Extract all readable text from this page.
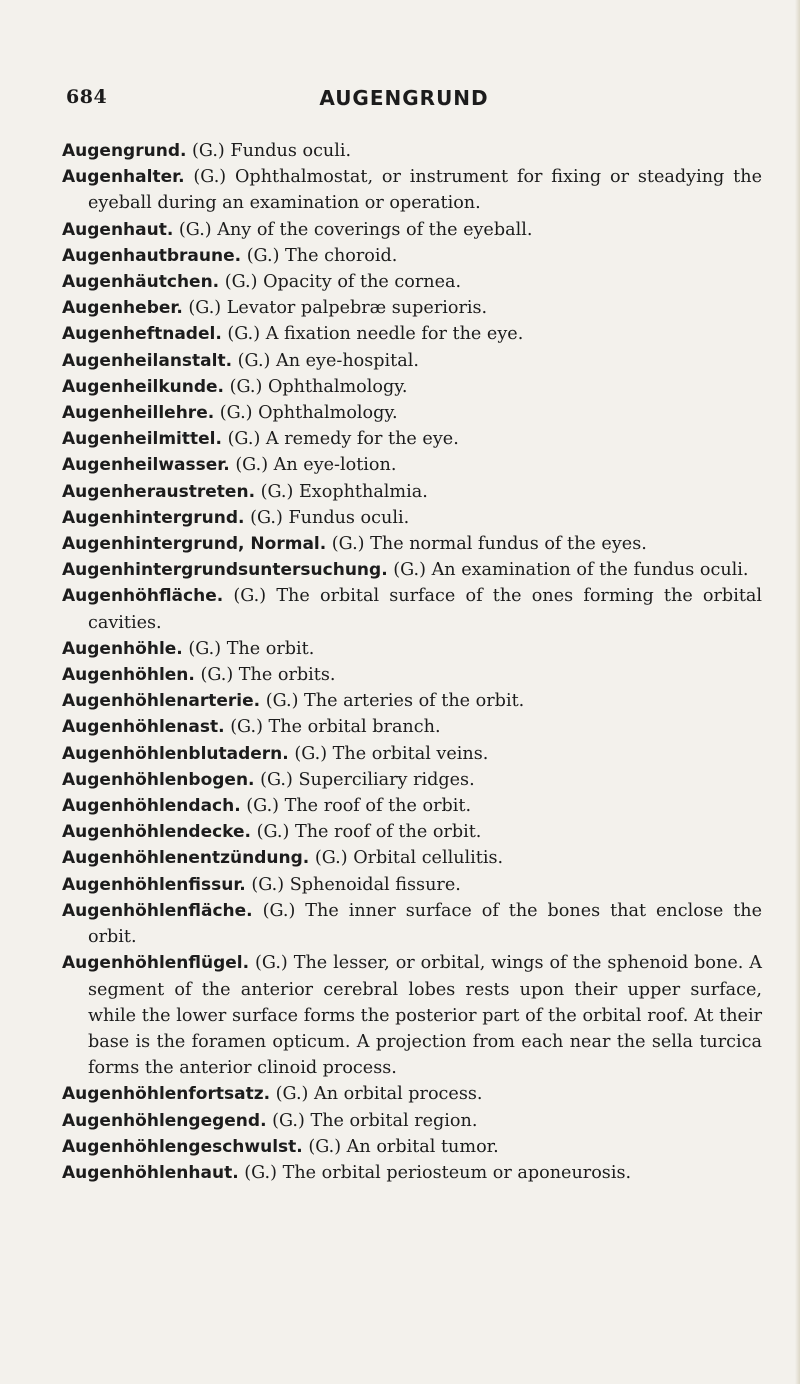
684	AUGENGRUND

Augengrund. (G.) Fundus oculi.

Augenhalter. (G.) Ophthalmostat, or instrument for fixing or steadying the eyeball during an examination or operation.

Augenhaut. (G.) Any of the coverings of the eyeball.

Augenhautbraune. (G.) The choroid.

Augenhäutchen. (G.) Opacity of the cornea.

Augenheber. (G.) Levator palpebræ superioris.

Augenheftnadel. (G.) A fixation needle for the eye.

Augenheilanstalt. (G.) An eye-hospital.

Augenheilkunde. (G.) Ophthalmology.

Augenheillehre. (G.) Ophthalmology.

Augenheilmittel. (G.) A remedy for the eye.

Augenheilwasser. (G.) An eye-lotion.

Augenheraustreten. (G.) Exophthalmia.

Augenhintergrund. (G.) Fundus oculi.

Augenhintergrund, Normal. (G.) The normal fundus of the eyes.

Augenhintergrundsuntersuchung. (G.) An examination of the fundus oculi.

Augenhöhfläche. (G.) The orbital surface of the ones forming the orbital cavities.

Augenhöhle. (G.) The orbit.

Augenhöhlen. (G.) The orbits.

Augenhöhlenarterie. (G.) The arteries of the orbit.

Augenhöhlenast. (G.) The orbital branch.

Augenhöhlenblutadern. (G.) The orbital veins.

Augenhöhlenbogen. (G.) Superciliary ridges.

Augenhöhlendach. (G.) The roof of the orbit.

Augenhöhlendecke. (G.) The roof of the orbit.

Augenhöhlenentzündung. (G.) Orbital cellulitis.

Augenhöhlenfissur. (G.) Sphenoidal fissure.

Augenhöhlenfläche. (G.) The inner surface of the bones that enclose the orbit.

Augenhöhlenflügel. (G.) The lesser, or orbital, wings of the sphenoid bone. A segment of the anterior cerebral lobes rests upon their upper surface, while the lower surface forms the posterior part of the orbital roof. At their base is the foramen opticum. A projection from each near the sella turcica forms the anterior clinoid process.

Augenhöhlenfortsatz. (G.) An orbital process.

Augenhöhlengegend. (G.) The orbital region.

Augenhöhlengeschwulst. (G.) An orbital tumor.

Augenhöhlenhaut. (G.) The orbital periosteum or aponeurosis.
